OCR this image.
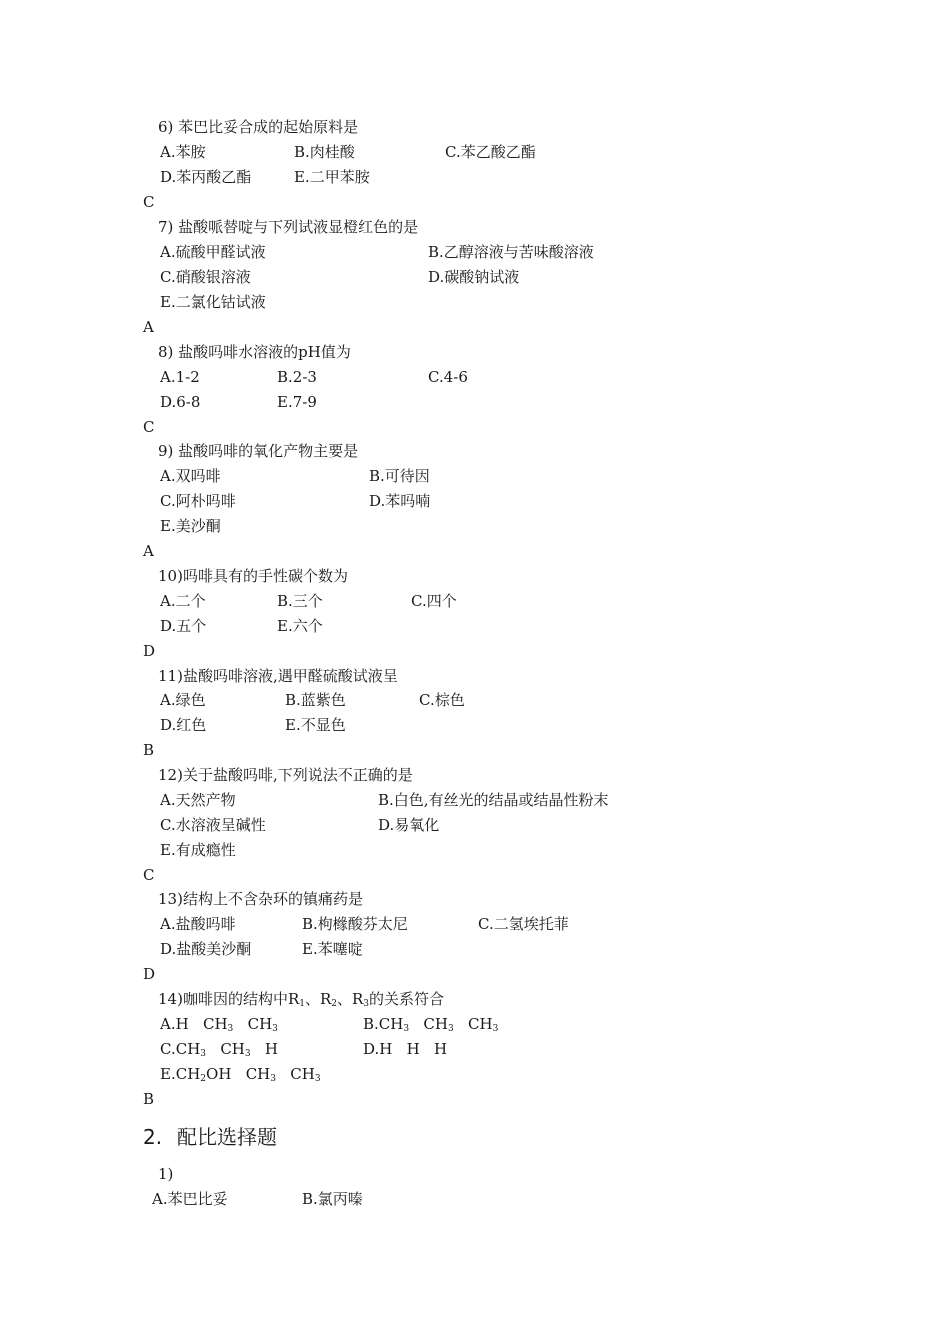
6) 苯巴比妥合成的起始原料是

A.苯胺	B.肉桂酸	C.苯乙酸乙酯

D.苯丙酸乙酯	E.二甲苯胺

C

7) 盐酸哌替啶与下列试液显橙红色的是

A.硫酸甲醛试液	B.乙醇溶液与苦味酸溶液

C.硝酸银溶液	D.碳酸钠试液

E.二氯化钴试液

A

8) 盐酸吗啡水溶液的pH值为

A.1-2	B.2-3	C.4-6

D.6-8	E.7-9

C

9) 盐酸吗啡的氧化产物主要是

A.双吗啡	B.可待因

C.阿朴吗啡	D.苯吗喃

E.美沙酮

A

10)吗啡具有的手性碳个数为

A.二个	B.三个	C.四个

D.五个	E.六个

D

11)盐酸吗啡溶液,遇甲醛硫酸试液呈

A.绿色	B.蓝紫色	C.棕色

D.红色	E.不显色

B

12)关于盐酸吗啡,下列说法不正确的是

A.天然产物	B.白色,有丝光的结晶或结晶性粉末

C.水溶液呈碱性	D.易氧化

E.有成瘾性

C

13)结构上不含杂环的镇痛药是

A.盐酸吗啡	B.枸橼酸芬太尼	C.二氢埃托菲

D.盐酸美沙酮	E.苯噻啶

D

14)咖啡因的结构中$R_1$、$R_2$、$R_3$的关系符合

A.H   $CH_3$   $CH_3$	$B.CH_3$   $CH_3$   $CH_3$

$C.CH_3$   $CH_3$   H	D.H   H   H

$E.CH_2OH$   $CH_3$   $CH_3$

B

2. 配比选择题

1)

A.苯巴比妥	B.氯丙嗪
